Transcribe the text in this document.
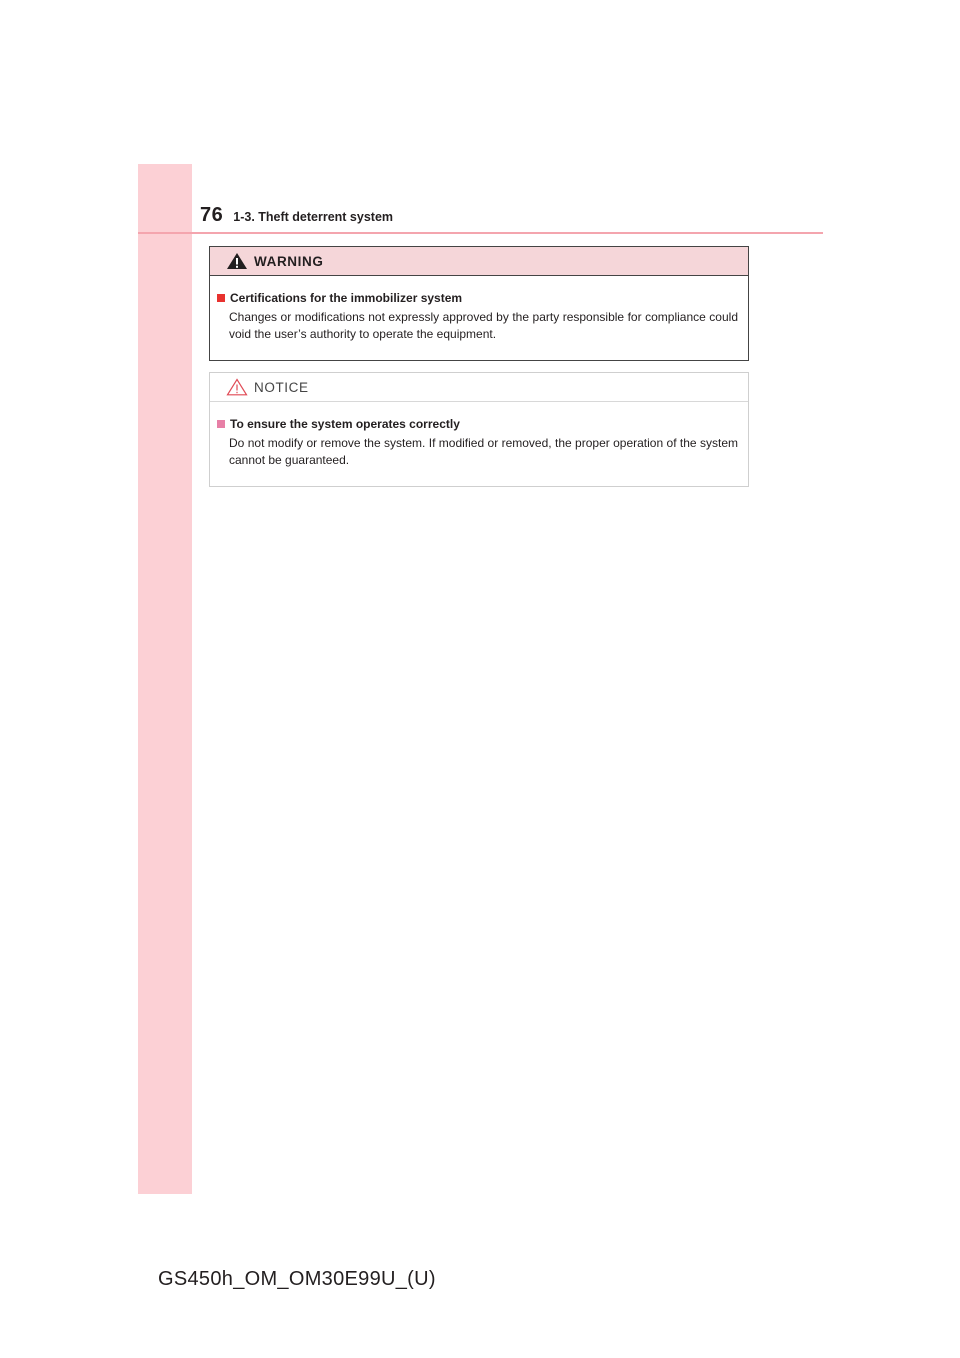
76 1-3. Theft deterrent system
WARNING
Certifications for the immobilizer system
Changes or modifications not expressly approved by the party responsible for compliance could void the user’s authority to operate the equipment.
NOTICE
To ensure the system operates correctly
Do not modify or remove the system. If modified or removed, the proper operation of the system cannot be guaranteed.
GS450h_OM_OM30E99U_(U)
